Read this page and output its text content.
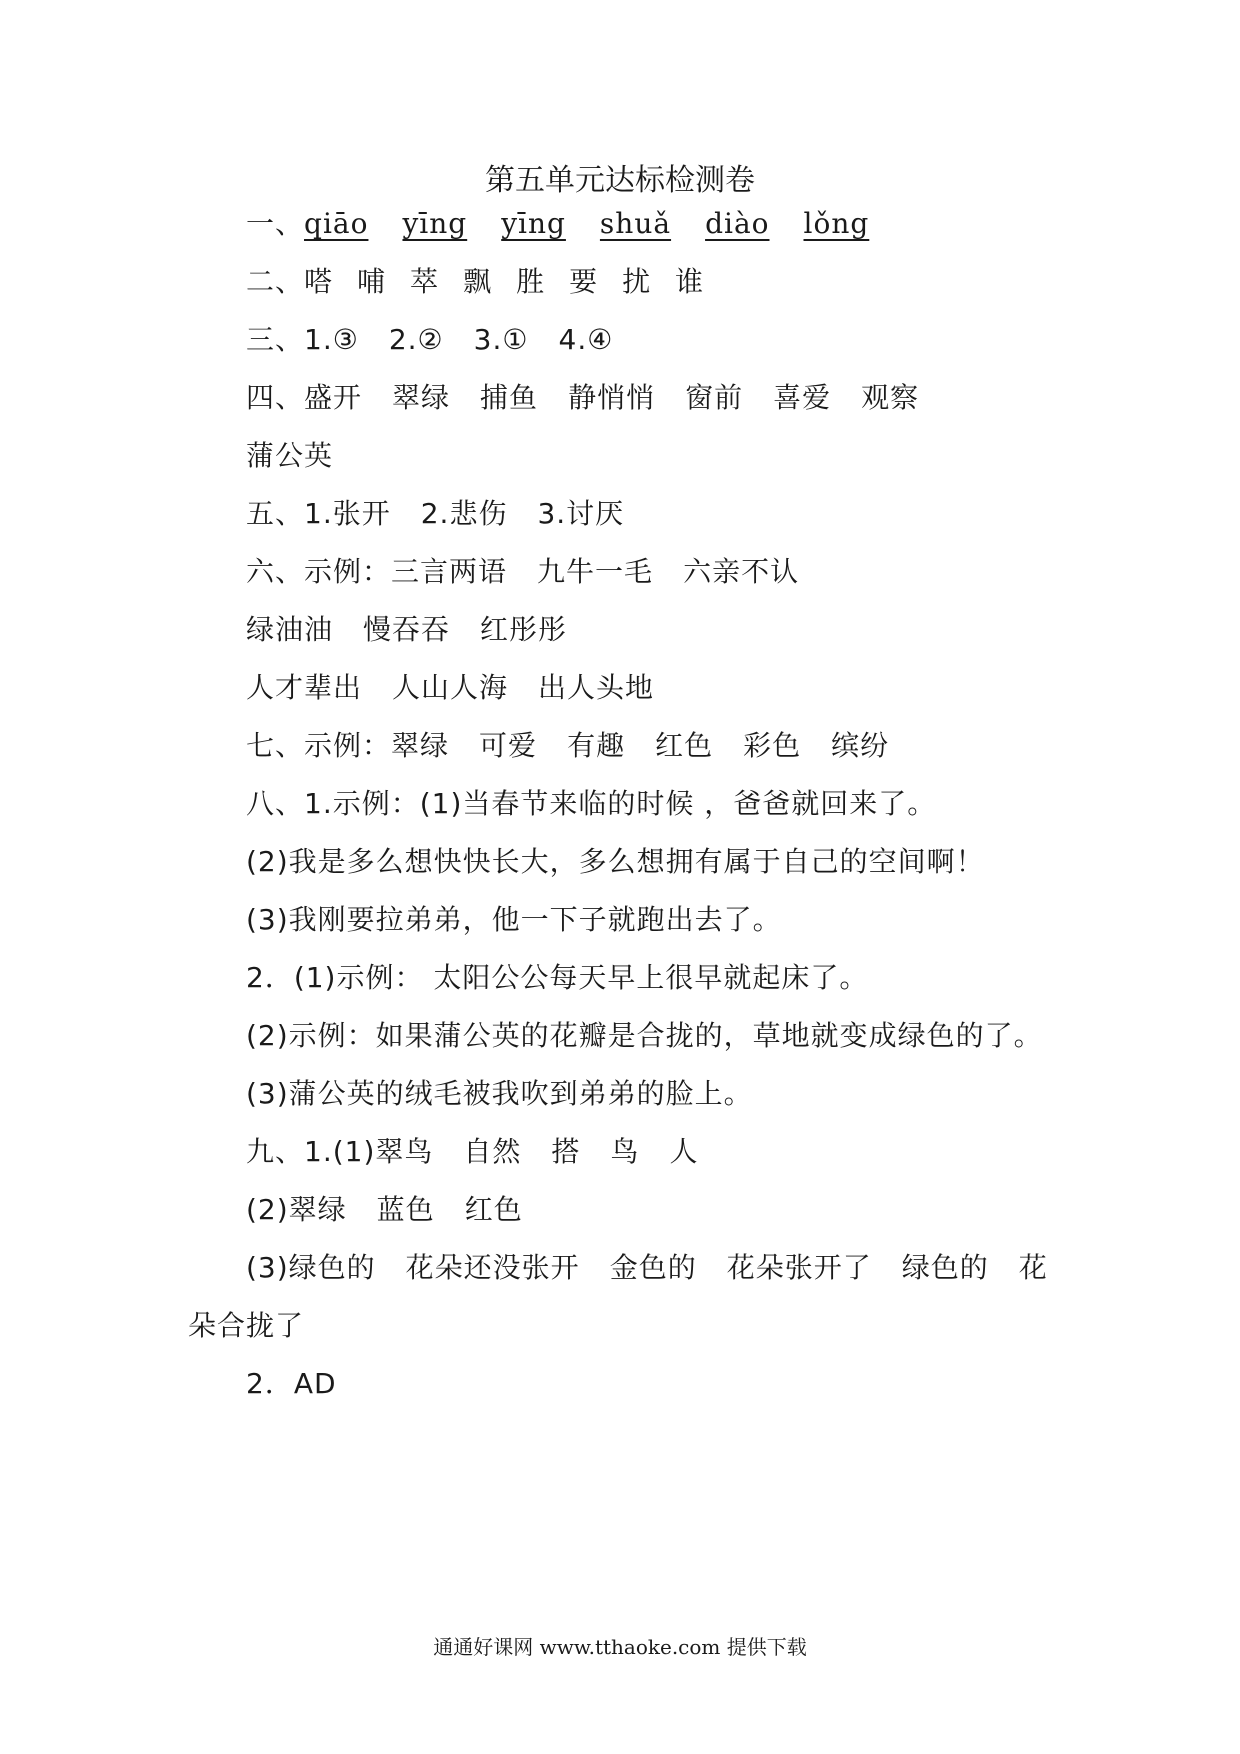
第五单元达标检测卷
一、qiāo yīng yīng shuǎ diào lǒng
二、嗒 哺 萃 飘 胜 要 扰 谁
三、1.③ 2.② 3.① 4.④
四、盛开 翠绿 捕鱼 静悄悄 窗前 喜爱 观察
蒲公英
五、1.张开 2.悲伤 3.讨厌
六、示例：三言两语 九牛一毛 六亲不认
绿油油 慢吞吞 红彤彤
人才辈出 人山人海 出人头地
七、示例：翠绿 可爱 有趣 红色 彩色 缤纷
八、1.示例：(1)当春节来临的时候 ，爸爸就回来了。
(2)我是多么想快快长大，多么想拥有属于自己的空间啊！
(3)我刚要拉弟弟，他一下子就跑出去了。
2．(1)示例： 太阳公公每天早上很早就起床了。
(2)示例：如果蒲公英的花瓣是合拢的，草地就变成绿色的了。
(3)蒲公英的绒毛被我吹到弟弟的脸上。
九、1.(1)翠鸟 自然 搭 鸟 人
(2)翠绿 蓝色 红色
(3)绿色的 花朵还没张开 金色的 花朵张开了 绿色的 花
朵合拢了
2．AD
通通好课网 www.tthaoke.com 提供下载
